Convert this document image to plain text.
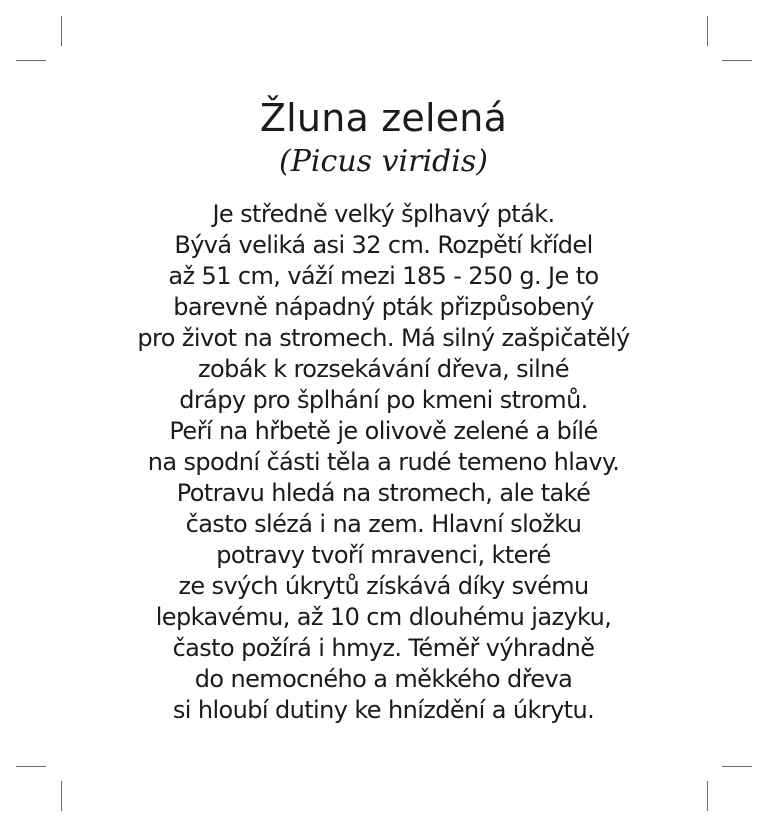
Žluna zelená
(Picus viridis)
Je středně velký šplhavý pták.
Bývá veliká asi 32 cm. Rozpětí křídel
až 51 cm, váží mezi 185 - 250 g. Je to
barevně nápadný pták přizpůsobený
pro život na stromech. Má silný zašpičatělý
zobák k rozsekávání dřeva, silné
drápy pro šplhání po kmeni stromů.
Peří na hřbetě je olivově zelené a bílé
na spodní části těla a rudé temeno hlavy.
Potravu hledá na stromech, ale také
často slézá i na zem. Hlavní složku
potravy tvoří mravenci, které
ze svých úkrytů získává díky svému
lepkavému, až 10 cm dlouhému jazyku,
často požírá i hmyz. Téměř výhradně
do nemocného a měkkého dřeva
si hloubí dutiny ke hnízdění a úkrytu.
